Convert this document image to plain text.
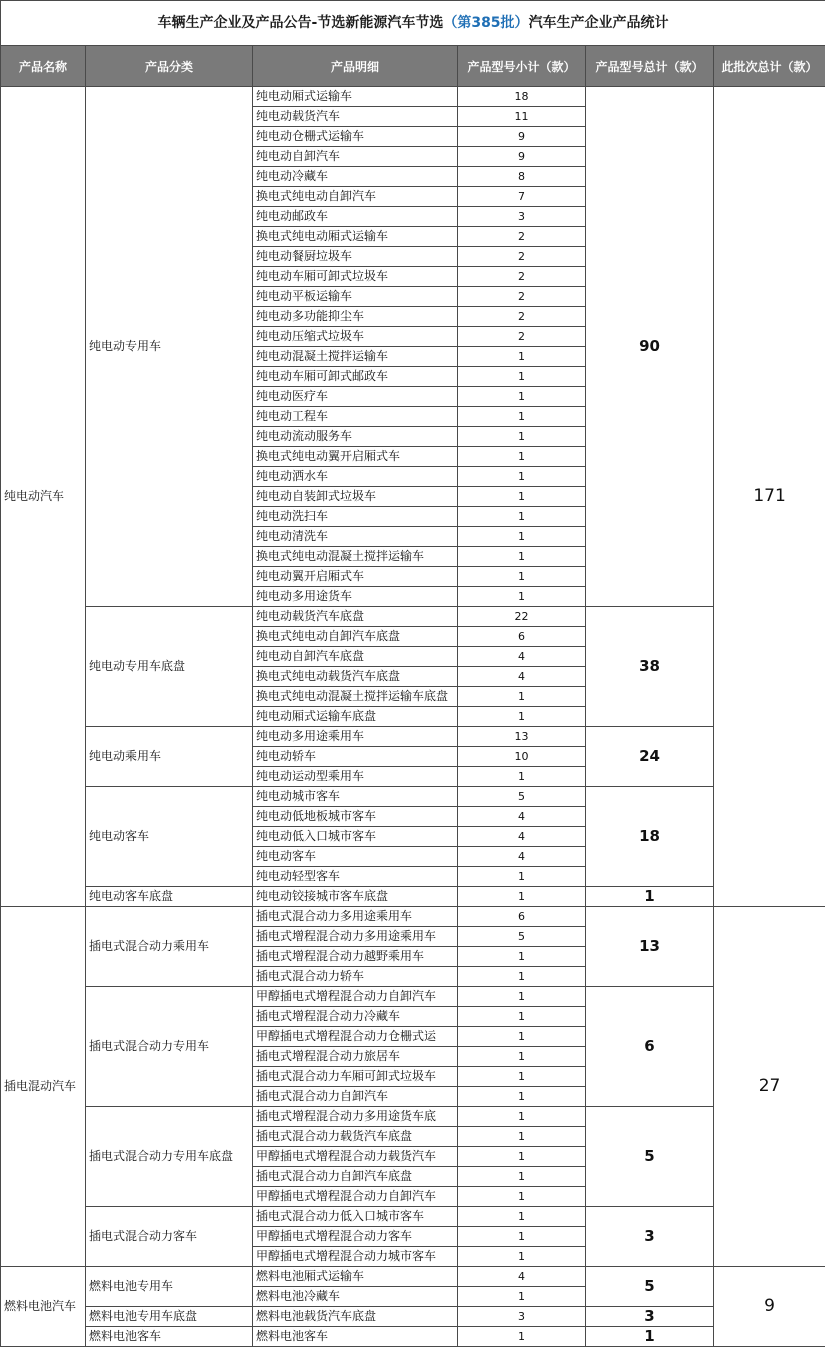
车辆生产企业及产品公告-节选新能源汽车节选（第385批）汽车生产企业产品统计					
产品名称	产品分类	产品明细	产品型号小计（款）	产品型号总计（款）	此批次总计（款）
纯电动汽车	纯电动专用车	纯电动厢式运输车	18	90	171
		纯电动载货汽车	11		
		纯电动仓栅式运输车	9		
		纯电动自卸汽车	9		
		纯电动冷藏车	8		
		换电式纯电动自卸汽车	7		
		纯电动邮政车	3		
		换电式纯电动厢式运输车	2		
		纯电动餐厨垃圾车	2		
		纯电动车厢可卸式垃圾车	2		
		纯电动平板运输车	2		
		纯电动多功能抑尘车	2		
		纯电动压缩式垃圾车	2		
		纯电动混凝土搅拌运输车	1		
		纯电动车厢可卸式邮政车	1		
		纯电动医疗车	1		
		纯电动工程车	1		
		纯电动流动服务车	1		
		换电式纯电动翼开启厢式车	1		
		纯电动洒水车	1		
		纯电动自装卸式垃圾车	1		
		纯电动洗扫车	1		
		纯电动清洗车	1		
		换电式纯电动混凝土搅拌运输车	1		
		纯电动翼开启厢式车	1		
		纯电动多用途货车	1		
	纯电动专用车底盘	纯电动载货汽车底盘	22	38	
		换电式纯电动自卸汽车底盘	6		
		纯电动自卸汽车底盘	4		
		换电式纯电动载货汽车底盘	4		
		换电式纯电动混凝土搅拌运输车底盘	1		
		纯电动厢式运输车底盘	1		
	纯电动乘用车	纯电动多用途乘用车	13	24	
		纯电动轿车	10		
		纯电动运动型乘用车	1		
	纯电动客车	纯电动城市客车	5	18	
		纯电动低地板城市客车	4		
		纯电动低入口城市客车	4		
		纯电动客车	4		
		纯电动轻型客车	1		
	纯电动客车底盘	纯电动铰接城市客车底盘	1	1	
插电混动汽车	插电式混合动力乘用车	插电式混合动力多用途乘用车	6	13	27
		插电式增程混合动力多用途乘用车	5		
		插电式增程混合动力越野乘用车	1		
		插电式混合动力轿车	1		
	插电式混合动力专用车	甲醇插电式增程混合动力自卸汽车	1	6	
		插电式增程混合动力冷藏车	1		
		甲醇插电式增程混合动力仓栅式运	1		
		插电式增程混合动力旅居车	1		
		插电式混合动力车厢可卸式垃圾车	1		
		插电式混合动力自卸汽车	1		
	插电式混合动力专用车底盘	插电式增程混合动力多用途货车底	1	5	
		插电式混合动力载货汽车底盘	1		
		甲醇插电式增程混合动力载货汽车	1		
		插电式混合动力自卸汽车底盘	1		
		甲醇插电式增程混合动力自卸汽车	1		
	插电式混合动力客车	插电式混合动力低入口城市客车	1	3	
		甲醇插电式增程混合动力客车	1		
		甲醇插电式增程混合动力城市客车	1		
燃料电池汽车	燃料电池专用车	燃料电池厢式运输车	4	5	9
		燃料电池冷藏车	1		
	燃料电池专用车底盘	燃料电池载货汽车底盘	3	3	
	燃料电池客车	燃料电池客车	1	1	
